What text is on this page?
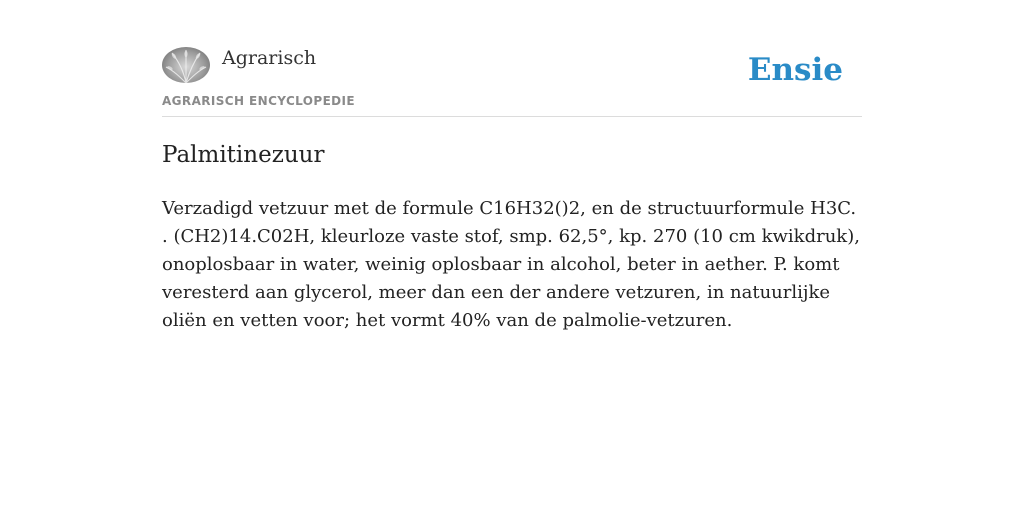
Agrarisch
AGRARISCH ENCYCLOPEDIE
Ensie
Palmitinezuur

Verzadigd vetzuur met de formule C16H32()2, en de structuurformule H3C. . (CH2)14.C02H, kleurloze vaste stof, smp. 62,5°, kp. 270 (10 cm kwikdruk), onoplosbaar in water, weinig oplosbaar in alcohol, beter in aether. P. komt veresterd aan glycerol, meer dan een der andere vetzuren, in natuurlijke oliën en vetten voor; het vormt 40% van de palmolie-vetzuren.
